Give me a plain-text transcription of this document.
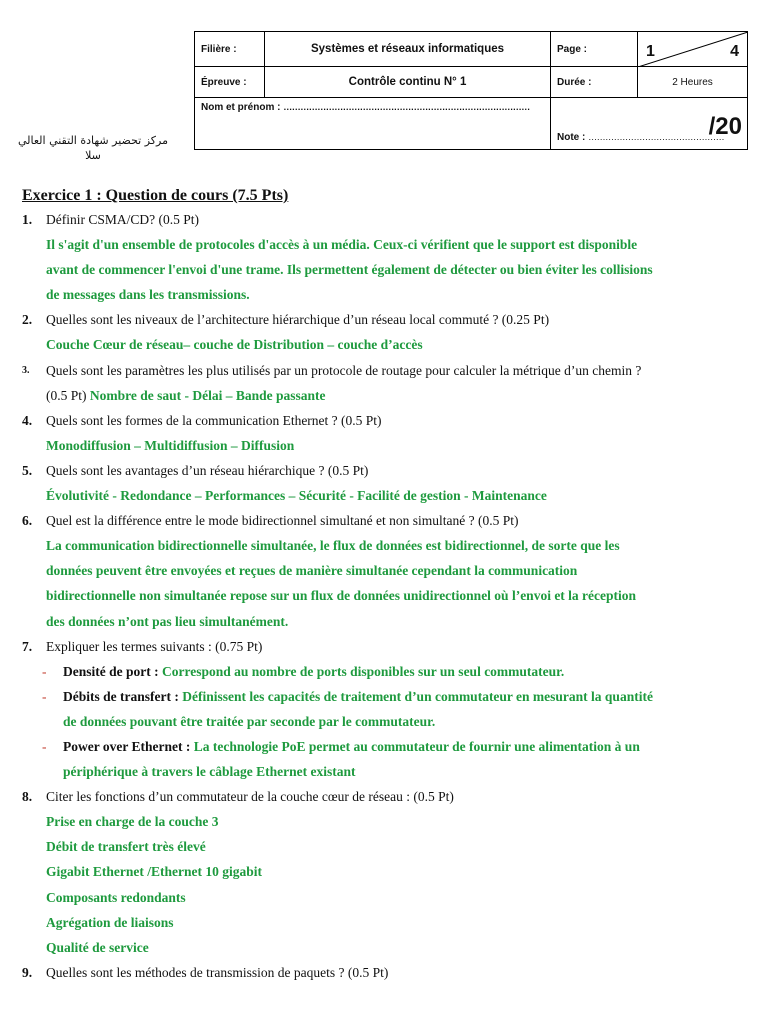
Filière :	Systèmes et réseaux informatiques	Page :	1 4

Épreuve :	Contrôle continu N° 1	Durée :	2 Heures
Nom et prénom : ……………………………………………………………………………		Note : …………………………………………
/20	
مركز تحضير شهادة التقني العالي
سلا
Exercice 1 : Question de cours (7.5 Pts)
1. Définir CSMA/CD? (0.5 Pt)
Il s'agit d'un ensemble de protocoles d'accès à un média. Ceux-ci vérifient que le support est disponible
avant de commencer l'envoi d'une trame. Ils permettent également de détecter ou bien éviter les collisions
de messages dans les transmissions.
2. Quelles sont les niveaux de l’architecture hiérarchique d’un réseau local commuté ? (0.25 Pt)
Couche Cœur de réseau– couche de Distribution – couche d’accès
3. Quels sont les paramètres les plus utilisés par un protocole de routage pour calculer la métrique d’un chemin ?
(0.5 Pt) Nombre de saut - Délai – Bande passante
4. Quels sont les formes de la communication Ethernet ? (0.5 Pt)
Monodiffusion – Multidiffusion – Diffusion
5. Quels sont les avantages d’un réseau hiérarchique ? (0.5 Pt)
Évolutivité - Redondance – Performances – Sécurité - Facilité de gestion - Maintenance
6. Quel est la différence entre le mode bidirectionnel simultané et non simultané ? (0.5 Pt)
La communication bidirectionnelle simultanée, le flux de données est bidirectionnel, de sorte que les
données peuvent être envoyées et reçues de manière simultanée cependant la communication
bidirectionnelle non simultanée repose sur un flux de données unidirectionnel où l’envoi et la réception
des données n’ont pas lieu simultanément.
7. Expliquer les termes suivants : (0.75 Pt)
- Densité de port : Correspond au nombre de ports disponibles sur un seul commutateur.
- Débits de transfert : Définissent les capacités de traitement d’un commutateur en mesurant la quantité
de données pouvant être traitée par seconde par le commutateur.
- Power over Ethernet : La technologie PoE permet au commutateur de fournir une alimentation à un
périphérique à travers le câblage Ethernet existant
8. Citer les fonctions d’un commutateur de la couche cœur de réseau : (0.5 Pt)
Prise en charge de la couche 3
Débit de transfert très élevé
Gigabit Ethernet /Ethernet 10 gigabit
Composants redondants
Agrégation de liaisons
Qualité de service
9. Quelles sont les méthodes de transmission de paquets ? (0.5 Pt)
